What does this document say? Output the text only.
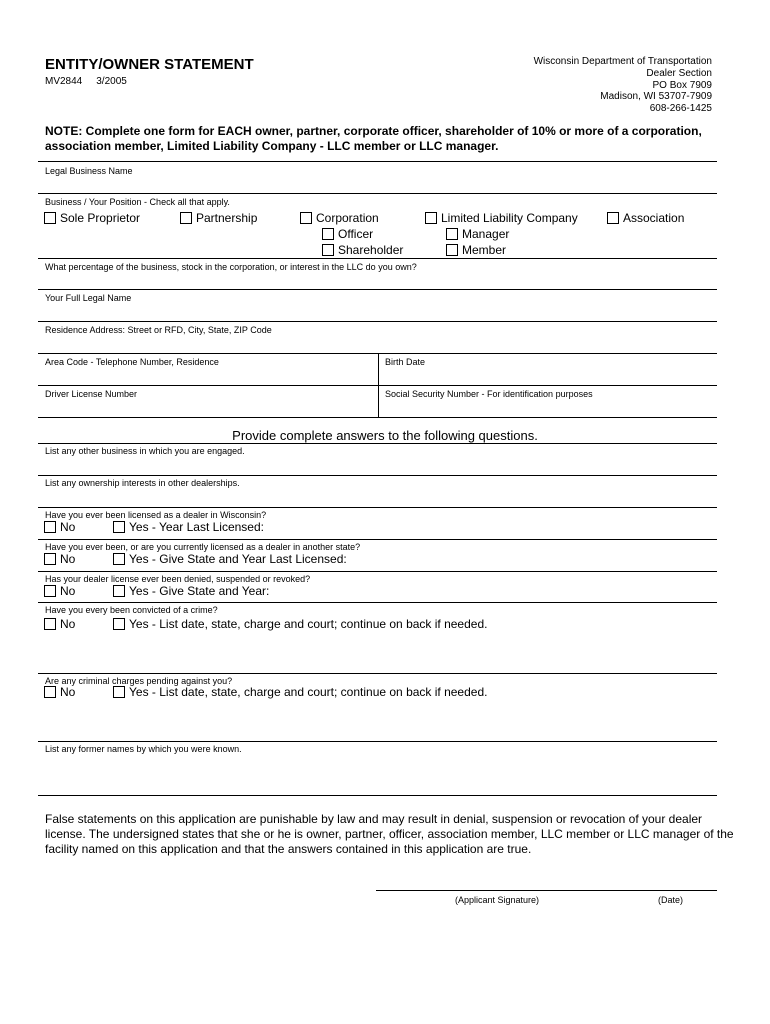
ENTITY/OWNER STATEMENT
MV2844 3/2005
Wisconsin Department of Transportation
Dealer Section
PO Box 7909
Madison, WI 53707-7909
608-266-1425
NOTE: Complete one form for EACH owner, partner, corporate officer, shareholder of 10% or more of a corporation, association member, Limited Liability Company - LLC member or LLC manager.
Legal Business Name
Business / Your Position - Check all that apply.
Sole Proprietor	Partnership	Corporation
Officer
Shareholder
Limited Liability Company
Manager
Member
Association
What percentage of the business, stock in the corporation, or interest in the LLC do you own?
Your Full Legal Name
Residence Address: Street or RFD, City, State, ZIP Code
Area Code - Telephone Number, Residence	Birth Date
Driver License Number	Social Security Number - For identification purposes
Provide complete answers to the following questions.
List any other business in which you are engaged.
List any ownership interests in other dealerships.
Have you ever been licensed as a dealer in Wisconsin?
No	Yes - Year Last Licensed:
Have you ever been, or are you currently licensed as a dealer in another state?
No	Yes - Give State and Year Last Licensed:
Has your dealer license ever been denied, suspended or revoked?
No	Yes - Give State and Year:
Have you every been convicted of a crime?
No	Yes - List date, state, charge and court; continue on back if needed.
Are any criminal charges pending against you?
No	Yes - List date, state, charge and court; continue on back if needed.
List any former names by which you were known.
False statements on this application are punishable by law and may result in denial, suspension or revocation of your dealer license. The undersigned states that she or he is owner, partner, officer, association member, LLC member or LLC manager of the facility named on this application and that the answers contained in this application are true.
(Applicant Signature)	(Date)
